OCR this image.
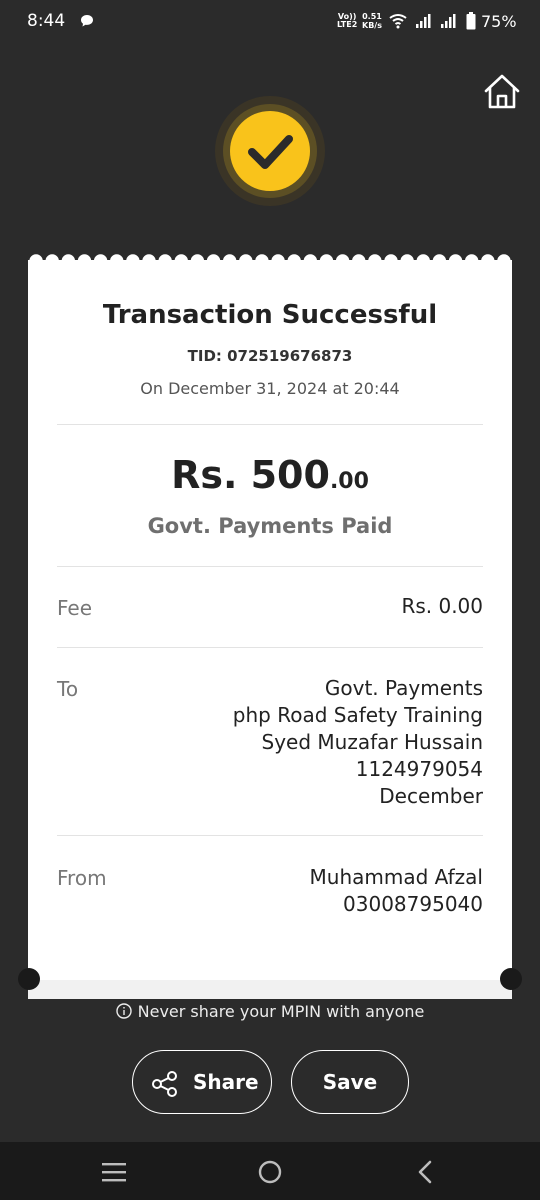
8:44	Vo))
LTE2
0.51
KB/s	75%
Transaction Successful
TID: 072519676873
On December 31, 2024 at 20:44
Rs. 500.00
Govt. Payments Paid
Fee	Rs. 0.00
To	Govt. Payments
php Road Safety Training
Syed Muzafar Hussain
1124979054
December
From	Muhammad Afzal
03008795040
Never share your MPIN with anyone
Share	Save
